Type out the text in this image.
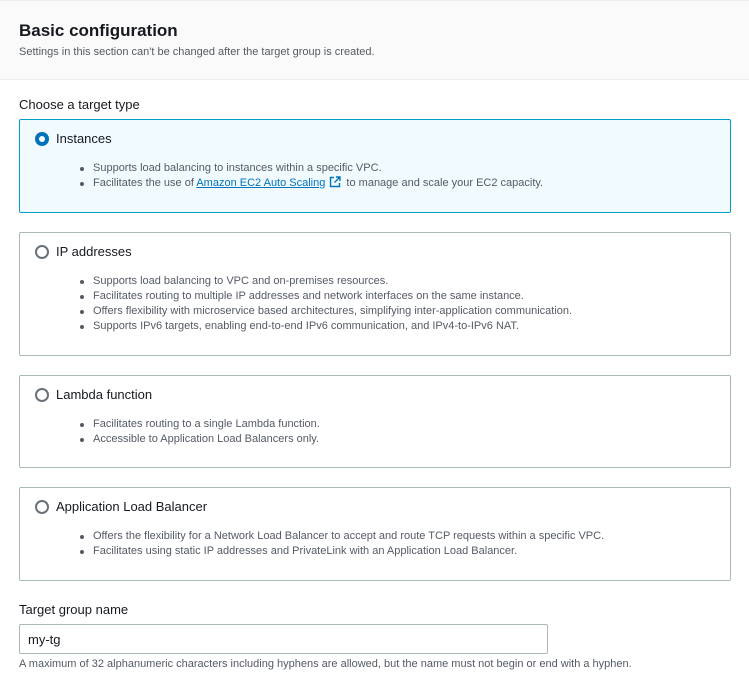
Basic configuration

Settings in this section can't be changed after the target group is created.

Choose a target type
Instances
Supports load balancing to instances within a specific VPC.
Facilitates the use of Amazon EC2 Auto Scaling to manage and scale your EC2 capacity.
IP addresses
Supports load balancing to VPC and on-premises resources.
Facilitates routing to multiple IP addresses and network interfaces on the same instance.
Offers flexibility with microservice based architectures, simplifying inter-application communication.
Supports IPv6 targets, enabling end-to-end IPv6 communication, and IPv4-to-IPv6 NAT.
Lambda function
Facilitates routing to a single Lambda function.
Accessible to Application Load Balancers only.
Application Load Balancer
Offers the flexibility for a Network Load Balancer to accept and route TCP requests within a specific VPC.
Facilitates using static IP addresses and PrivateLink with an Application Load Balancer.
Target group name
my-tg
A maximum of 32 alphanumeric characters including hyphens are allowed, but the name must not begin or end with a hyphen.
